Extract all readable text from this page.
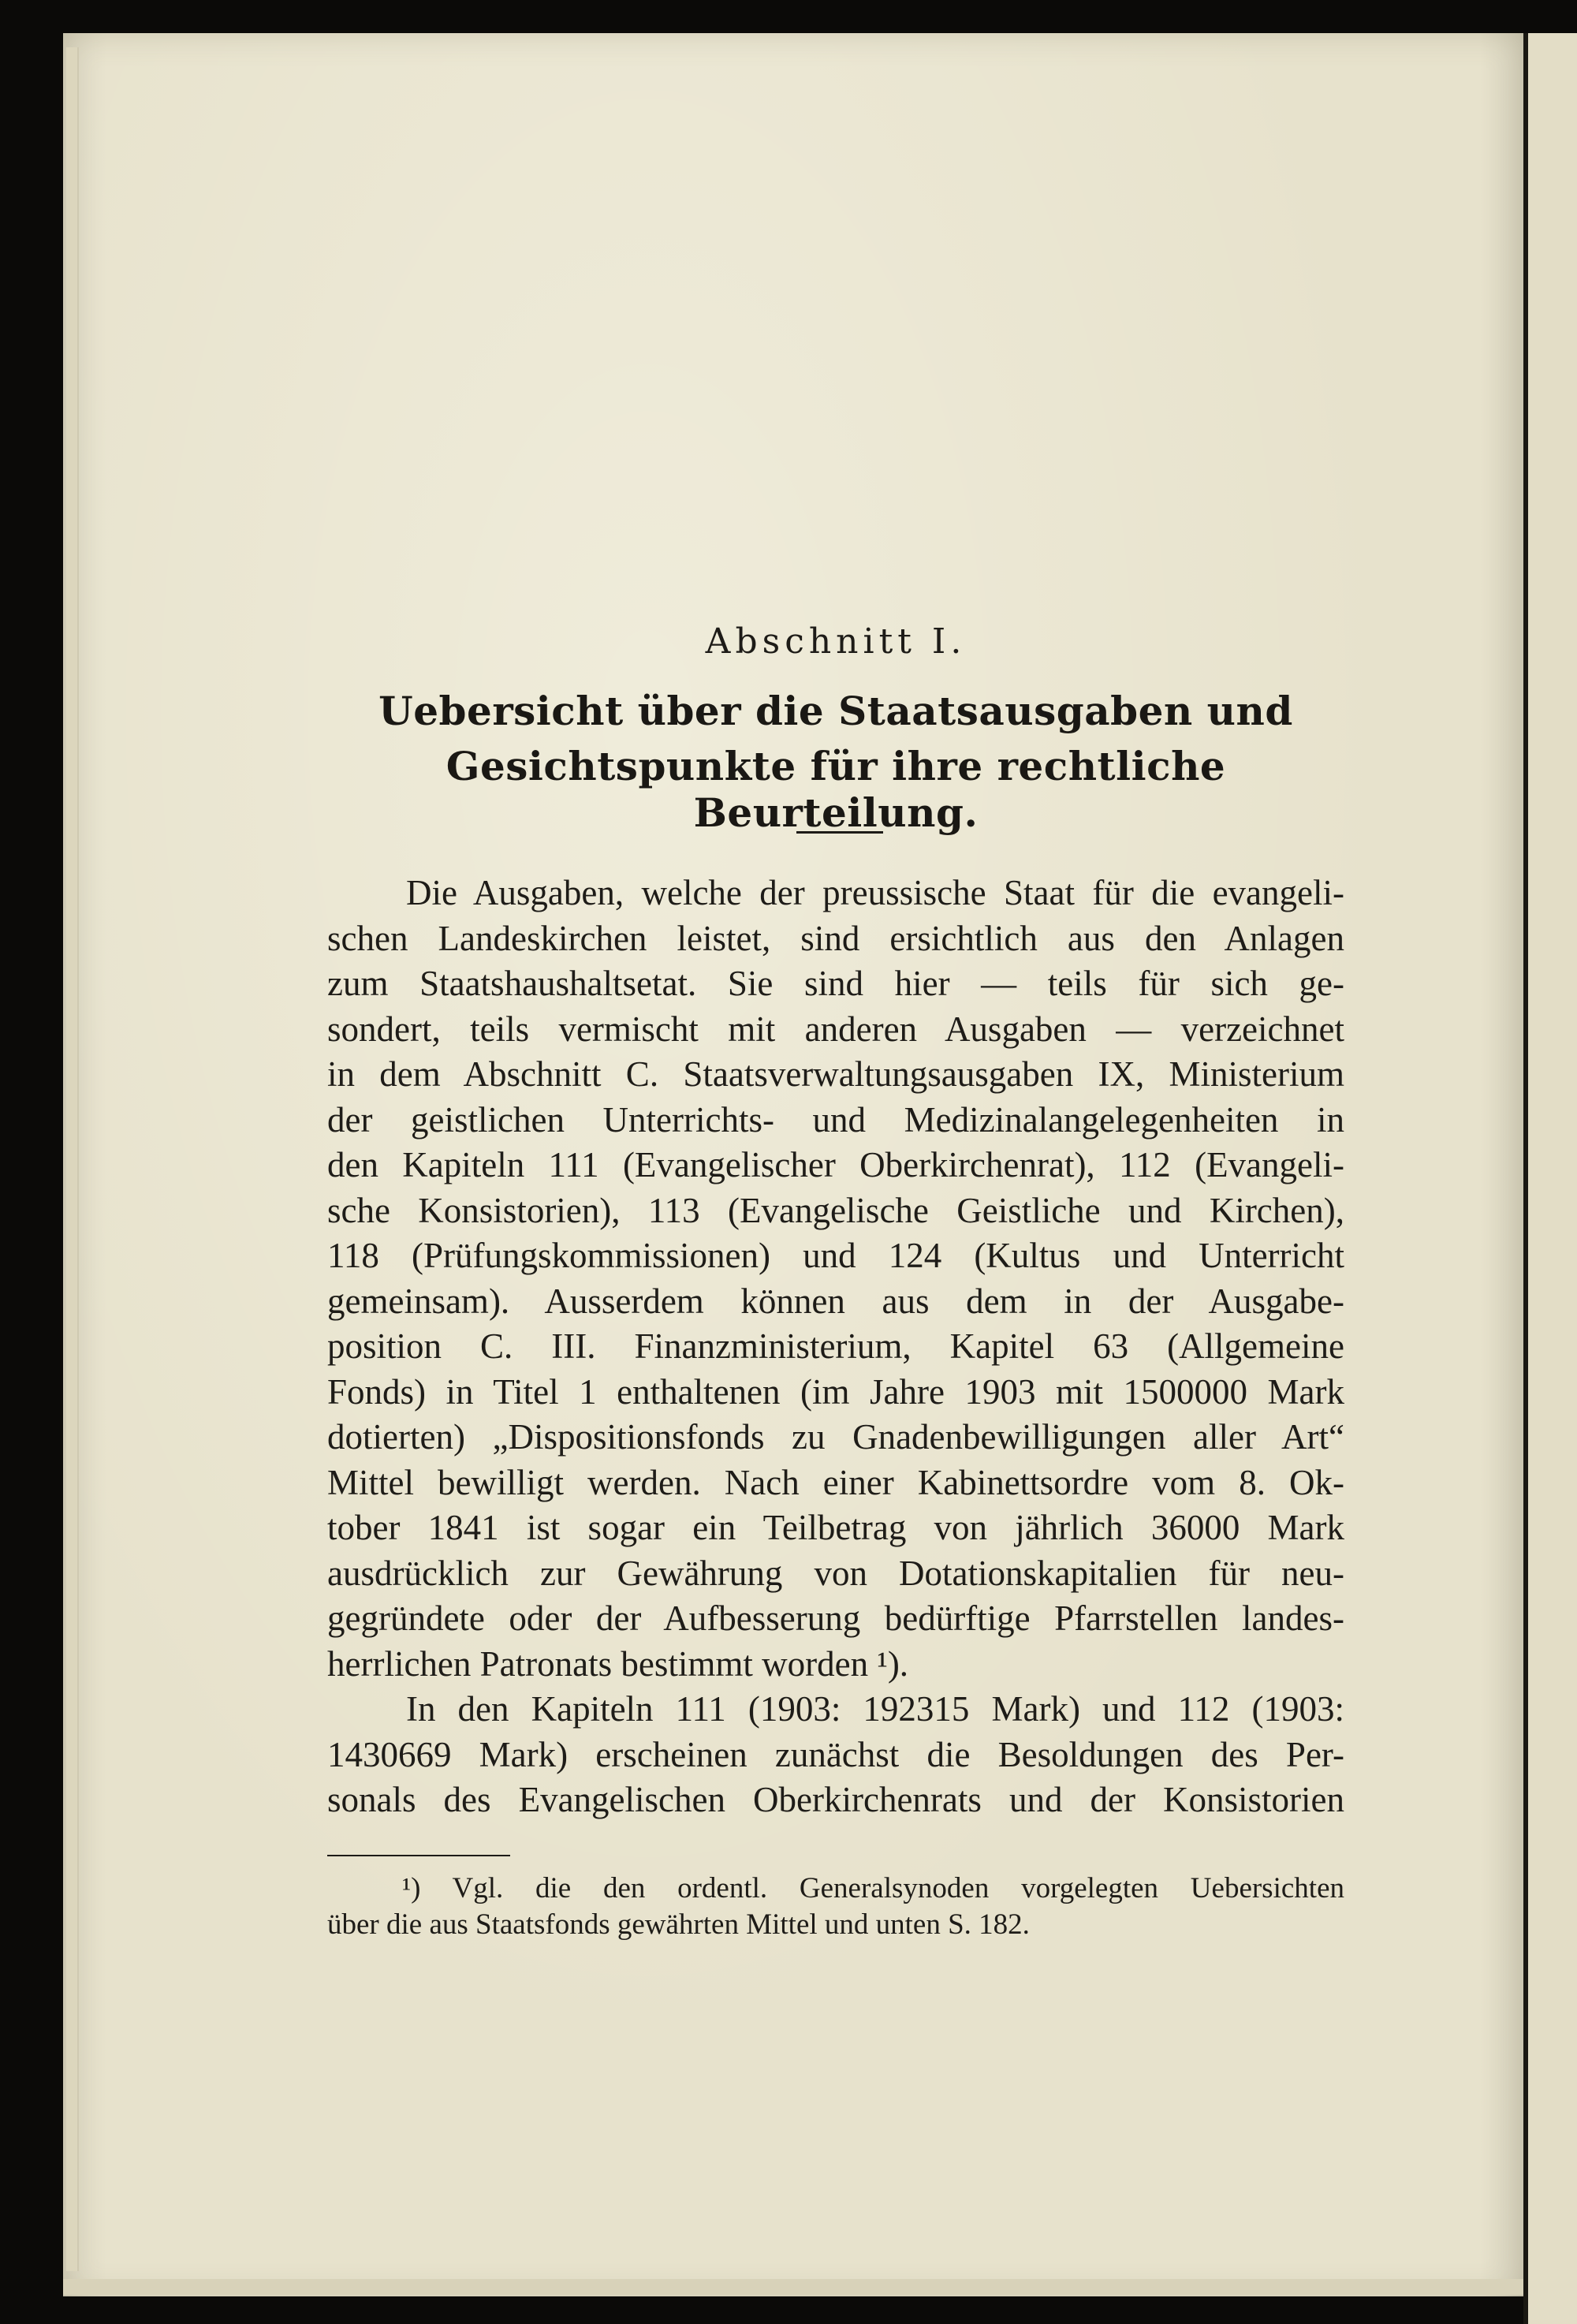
Abschnitt I.
Uebersicht über die Staatsausgaben und
Gesichtspunkte für ihre rechtliche Beurteilung.
Die Ausgaben, welche der preussische Staat für die evangeli-
schen Landeskirchen leistet, sind ersichtlich aus den Anlagen
zum Staatshaushaltsetat. Sie sind hier — teils für sich ge-
sondert, teils vermischt mit anderen Ausgaben — verzeichnet
in dem Abschnitt C. Staatsverwaltungsausgaben IX, Ministerium
der geistlichen Unterrichts- und Medizinalangelegenheiten in
den Kapiteln 111 (Evangelischer Oberkirchenrat), 112 (Evangeli-
sche Konsistorien), 113 (Evangelische Geistliche und Kirchen),
118 (Prüfungskommissionen) und 124 (Kultus und Unterricht
gemeinsam). Ausserdem können aus dem in der Ausgabe-
position C. III. Finanzministerium, Kapitel 63 (Allgemeine
Fonds) in Titel 1 enthaltenen (im Jahre 1903 mit 1500000 Mark
dotierten) „Dispositionsfonds zu Gnadenbewilligungen aller Art“
Mittel bewilligt werden. Nach einer Kabinettsordre vom 8. Ok-
tober 1841 ist sogar ein Teilbetrag von jährlich 36000 Mark
ausdrücklich zur Gewährung von Dotationskapitalien für neu-
gegründete oder der Aufbesserung bedürftige Pfarrstellen landes-
herrlichen Patronats bestimmt worden ¹).
In den Kapiteln 111 (1903: 192315 Mark) und 112 (1903:
1430669 Mark) erscheinen zunächst die Besoldungen des Per-
sonals des Evangelischen Oberkirchenrats und der Konsistorien
¹) Vgl. die den ordentl. Generalsynoden vorgelegten Uebersichten
über die aus Staatsfonds gewährten Mittel und unten S. 182.
